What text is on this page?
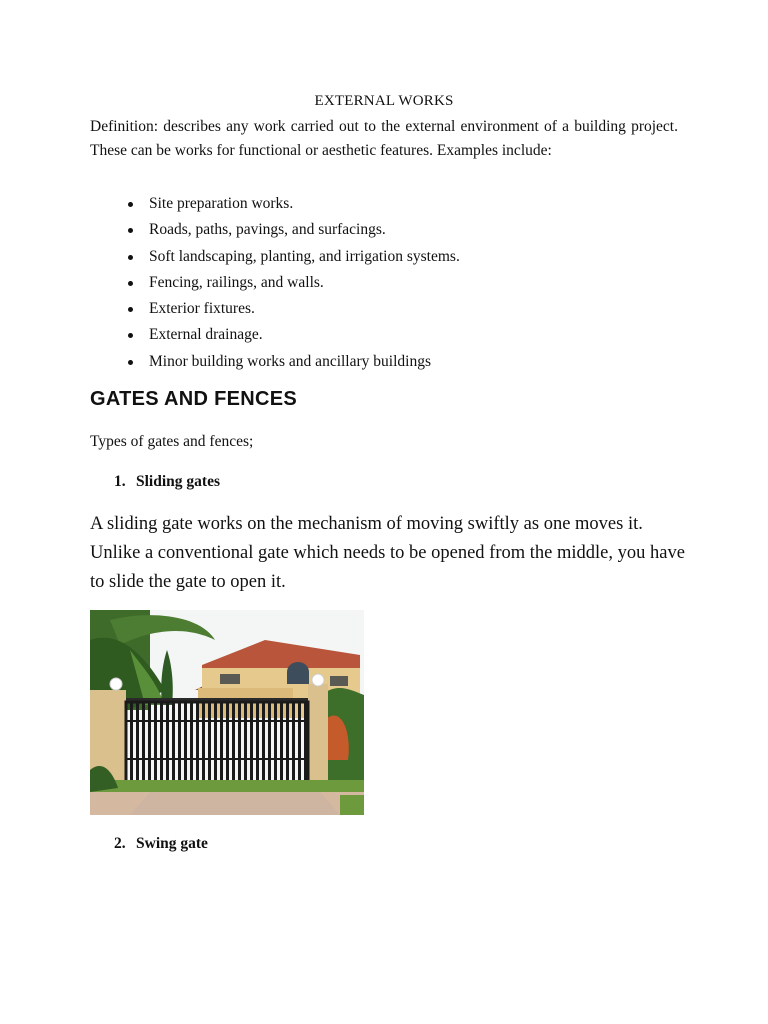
EXTERNAL WORKS
Definition: describes any work carried out to the external environment of a building project. These can be works for functional or aesthetic features. Examples include:
Site preparation works.
Roads, paths, pavings, and surfacings.
Soft landscaping, planting, and irrigation systems.
Fencing, railings, and walls.
Exterior fixtures.
External drainage.
Minor building works and ancillary buildings
GATES AND FENCES
Types of gates and fences;
1. Sliding gates
A sliding gate works on the mechanism of moving swiftly as one moves it. Unlike a conventional gate which needs to be opened from the middle, you have to slide the gate to open it.
2. Swing gate
